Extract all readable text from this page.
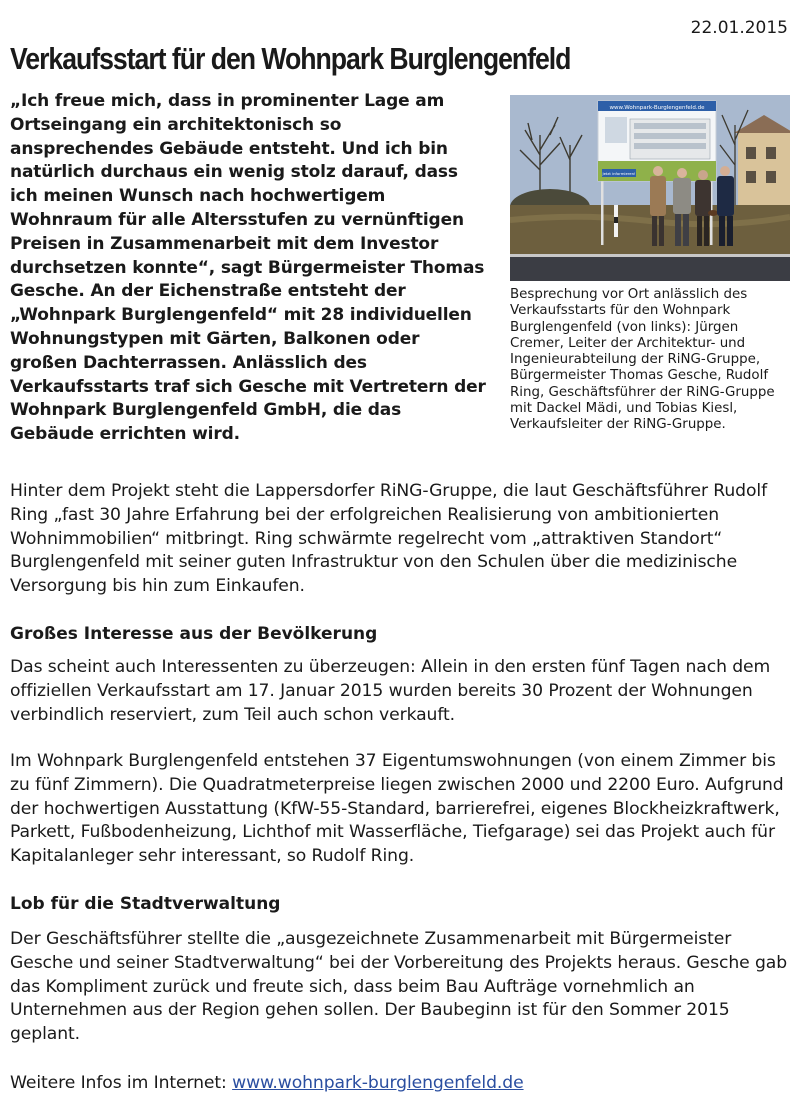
Verkaufsstart für den Wohnpark Burglengenfeld
22.01.2015

„Ich freue mich, dass in prominenter Lage am Ortseingang ein architektonisch so ansprechendes Gebäude entsteht. Und ich bin natürlich durchaus ein wenig stolz darauf, dass ich meinen Wunsch nach hochwertigem Wohnraum für alle Altersstufen zu vernünftigen Preisen in Zusammenarbeit mit dem Investor durchsetzen konnte“, sagt Bürgermeister Thomas Gesche. An der Eichenstraße entsteht der „Wohnpark Burglengenfeld“ mit 28 individuellen Wohnungstypen mit Gärten, Balkonen oder großen Dachterrassen. Anlässlich des Verkaufsstarts traf sich Gesche mit Vertretern der Wohnpark Burglengenfeld GmbH, die das Gebäude errichten wird.

www.Wohnpark-Burglengenfeld.de
Jetzt informieren!

Besprechung vor Ort anlässlich des Verkaufsstarts für den Wohnpark Burglengenfeld (von links): Jürgen Cremer, Leiter der Architektur- und Ingenieurabteilung der RiNG-Gruppe, Bürgermeister Thomas Gesche, Rudolf Ring, Geschäftsführer der RiNG-Gruppe mit Dackel Mädi, und Tobias Kiesl, Verkaufsleiter der RiNG-Gruppe.

Hinter dem Projekt steht die Lappersdorfer RiNG-Gruppe, die laut Geschäftsführer Rudolf Ring „fast 30 Jahre Erfahrung bei der erfolgreichen Realisierung von ambitionierten Wohnimmobilien“ mitbringt. Ring schwärmte regelrecht vom „attraktiven Standort“ Burglengenfeld mit seiner guten Infrastruktur von den Schulen über die medizinische Versorgung bis hin zum Einkaufen.

Großes Interesse aus der Bevölkerung

Das scheint auch Interessenten zu überzeugen: Allein in den ersten fünf Tagen nach dem offiziellen Verkaufsstart am 17. Januar 2015 wurden bereits 30 Prozent der Wohnungen verbindlich reserviert, zum Teil auch schon verkauft.

Im Wohnpark Burglengenfeld entstehen 37 Eigentumswohnungen (von einem Zimmer bis zu fünf Zimmern). Die Quadratmeterpreise liegen zwischen 2000 und 2200 Euro. Aufgrund der hochwertigen Ausstattung (KfW-55-Standard, barrierefrei, eigenes Blockheizkraftwerk, Parkett, Fußbodenheizung, Lichthof mit Wasserfläche, Tiefgarage) sei das Projekt auch für Kapitalanleger sehr interessant, so Rudolf Ring.

Lob für die Stadtverwaltung

Der Geschäftsführer stellte die „ausgezeichnete Zusammenarbeit mit Bürgermeister Gesche und seiner Stadtverwaltung“ bei der Vorbereitung des Projekts heraus. Gesche gab das Kompliment zurück und freute sich, dass beim Bau Aufträge vornehmlich an Unternehmen aus der Region gehen sollen. Der Baubeginn ist für den Sommer 2015 geplant.

Weitere Infos im Internet: www.wohnpark-burglengenfeld.de
